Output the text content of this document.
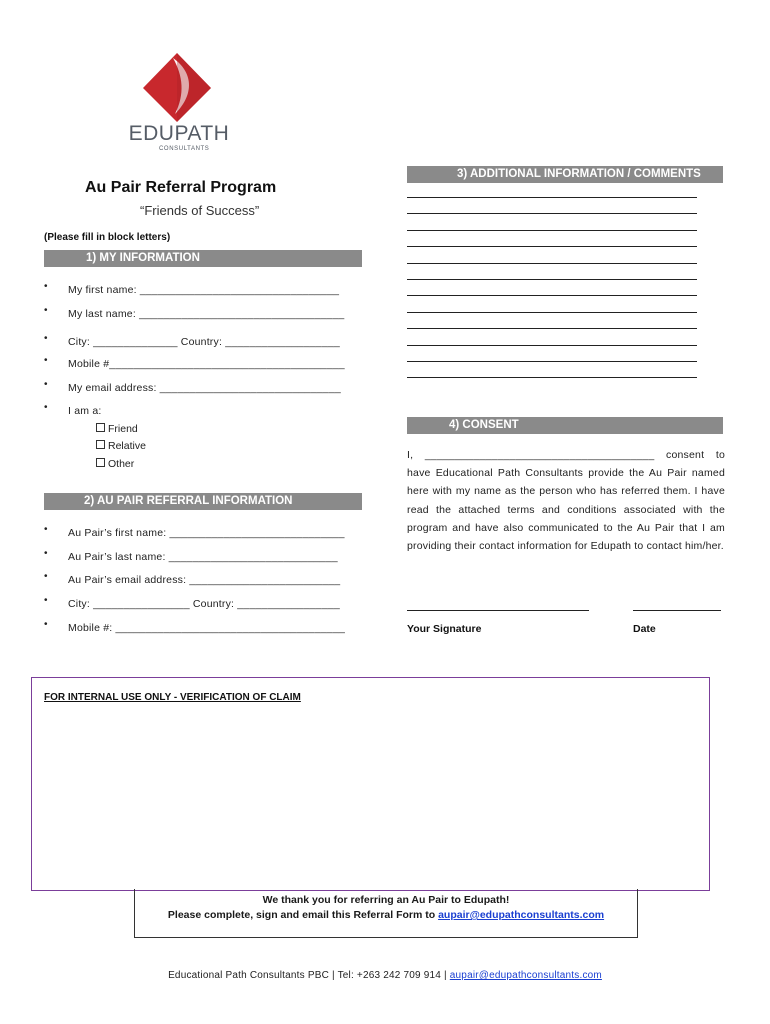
EDUPATH
CONSULTANTS
Au Pair Referral Program
“Friends of Success”
(Please fill in block letters)
1) MY INFORMATION
• My first name: _________________________________
• My last name: __________________________________
• City: ______________ Country: ___________________
• Mobile #_______________________________________
• My email address: ______________________________
• I am a:
Friend
Relative
Other
2) AU PAIR REFERRAL INFORMATION
• Au Pair’s first name: _____________________________
• Au Pair’s last name: ____________________________
• Au Pair’s email address: _________________________
• City: ________________ Country: _________________
• Mobile #: ______________________________________
3) ADDITIONAL INFORMATION / COMMENTS
4) CONSENT
I, ______________________________________ consent to have Educational Path Consultants provide the Au Pair named here with my name as the person who has referred them. I have read the attached terms and conditions associated with the program and have also communicated to the Au Pair that I am providing their contact information for Edupath to contact him/her.
Your Signature	Date
FOR INTERNAL USE ONLY - VERIFICATION OF CLAIM
We thank you for referring an Au Pair to Edupath!
Please complete, sign and email this Referral Form to aupair@edupathconsultants.com
Educational Path Consultants PBC | Tel: +263 242 709 914 | aupair@edupathconsultants.com
